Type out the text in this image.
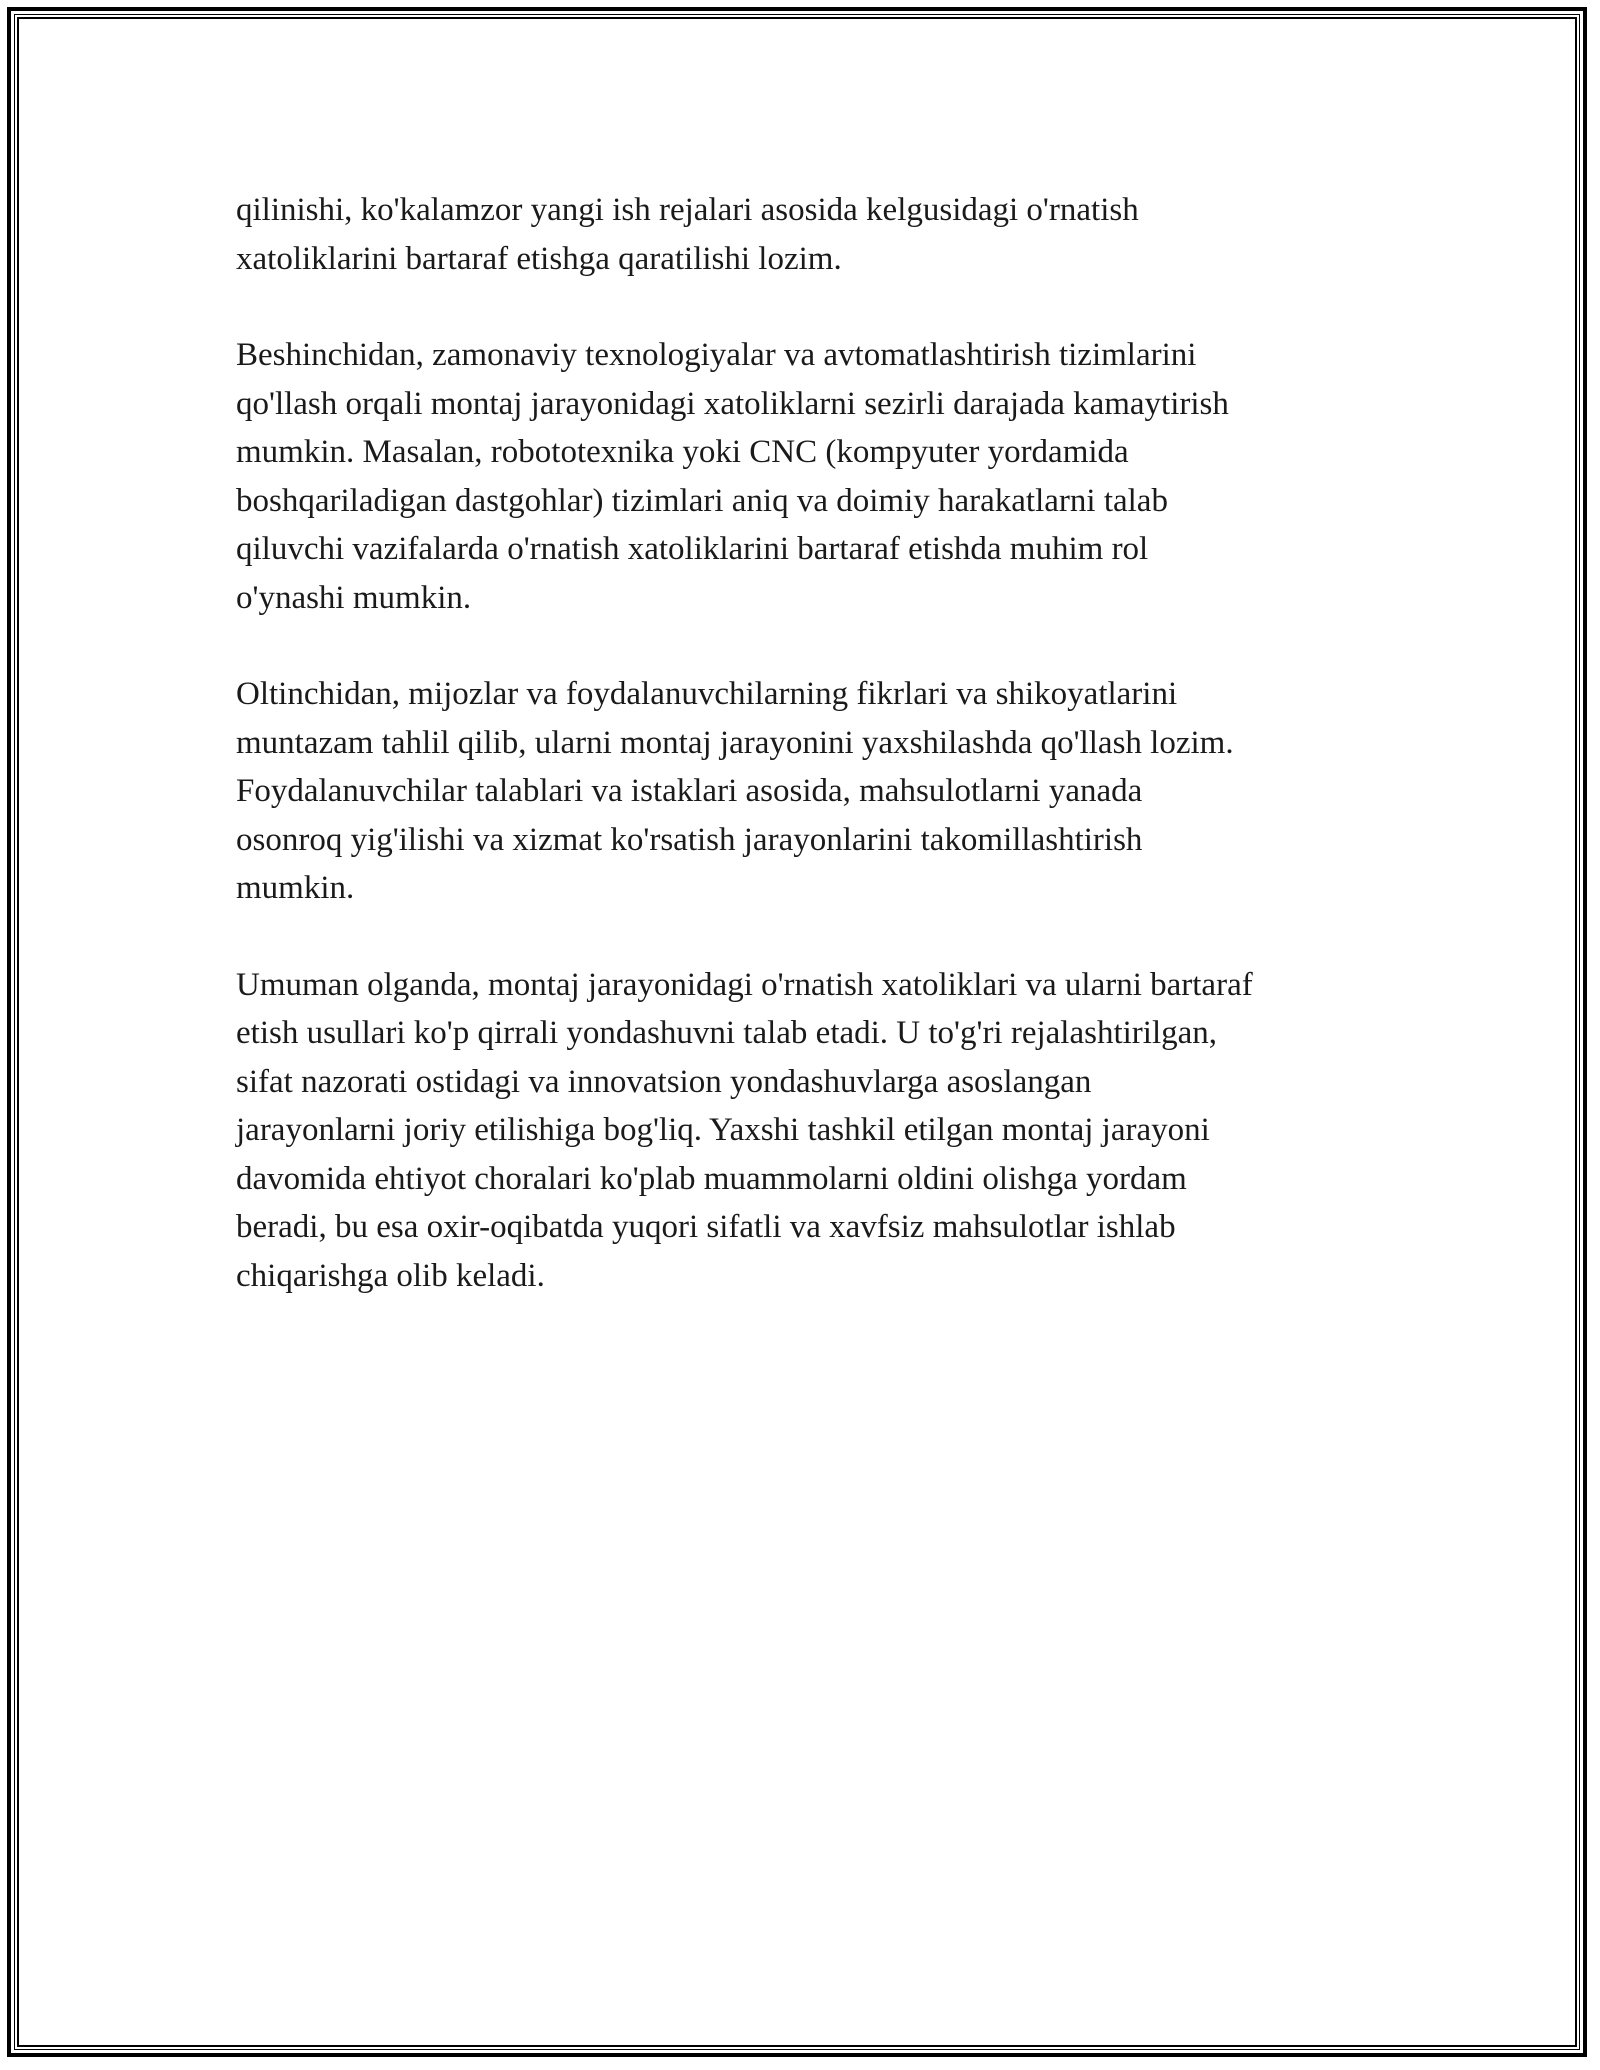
qilinishi, ko'kalamzor yangi ish rejalari asosida kelgusidagi o'rnatish
xatoliklarini bartaraf etishga qaratilishi lozim.

Beshinchidan, zamonaviy texnologiyalar va avtomatlashtirish tizimlarini
qo'llash orqali montaj jarayonidagi xatoliklarni sezirli darajada kamaytirish
mumkin. Masalan, robototexnika yoki CNC (kompyuter yordamida
boshqariladigan dastgohlar) tizimlari aniq va doimiy harakatlarni talab
qiluvchi vazifalarda o'rnatish xatoliklarini bartaraf etishda muhim rol
o'ynashi mumkin.

Oltinchidan, mijozlar va foydalanuvchilarning fikrlari va shikoyatlarini
muntazam tahlil qilib, ularni montaj jarayonini yaxshilashda qo'llash lozim.
Foydalanuvchilar talablari va istaklari asosida, mahsulotlarni yanada
osonroq yig'ilishi va xizmat ko'rsatish jarayonlarini takomillashtirish
mumkin.

Umuman olganda, montaj jarayonidagi o'rnatish xatoliklari va ularni bartaraf
etish usullari ko'p qirrali yondashuvni talab etadi. U to'g'ri rejalashtirilgan,
sifat nazorati ostidagi va innovatsion yondashuvlarga asoslangan
jarayonlarni joriy etilishiga bog'liq. Yaxshi tashkil etilgan montaj jarayoni
davomida ehtiyot choralari ko'plab muammolarni oldini olishga yordam
beradi, bu esa oxir-oqibatda yuqori sifatli va xavfsiz mahsulotlar ishlab
chiqarishga olib keladi.
